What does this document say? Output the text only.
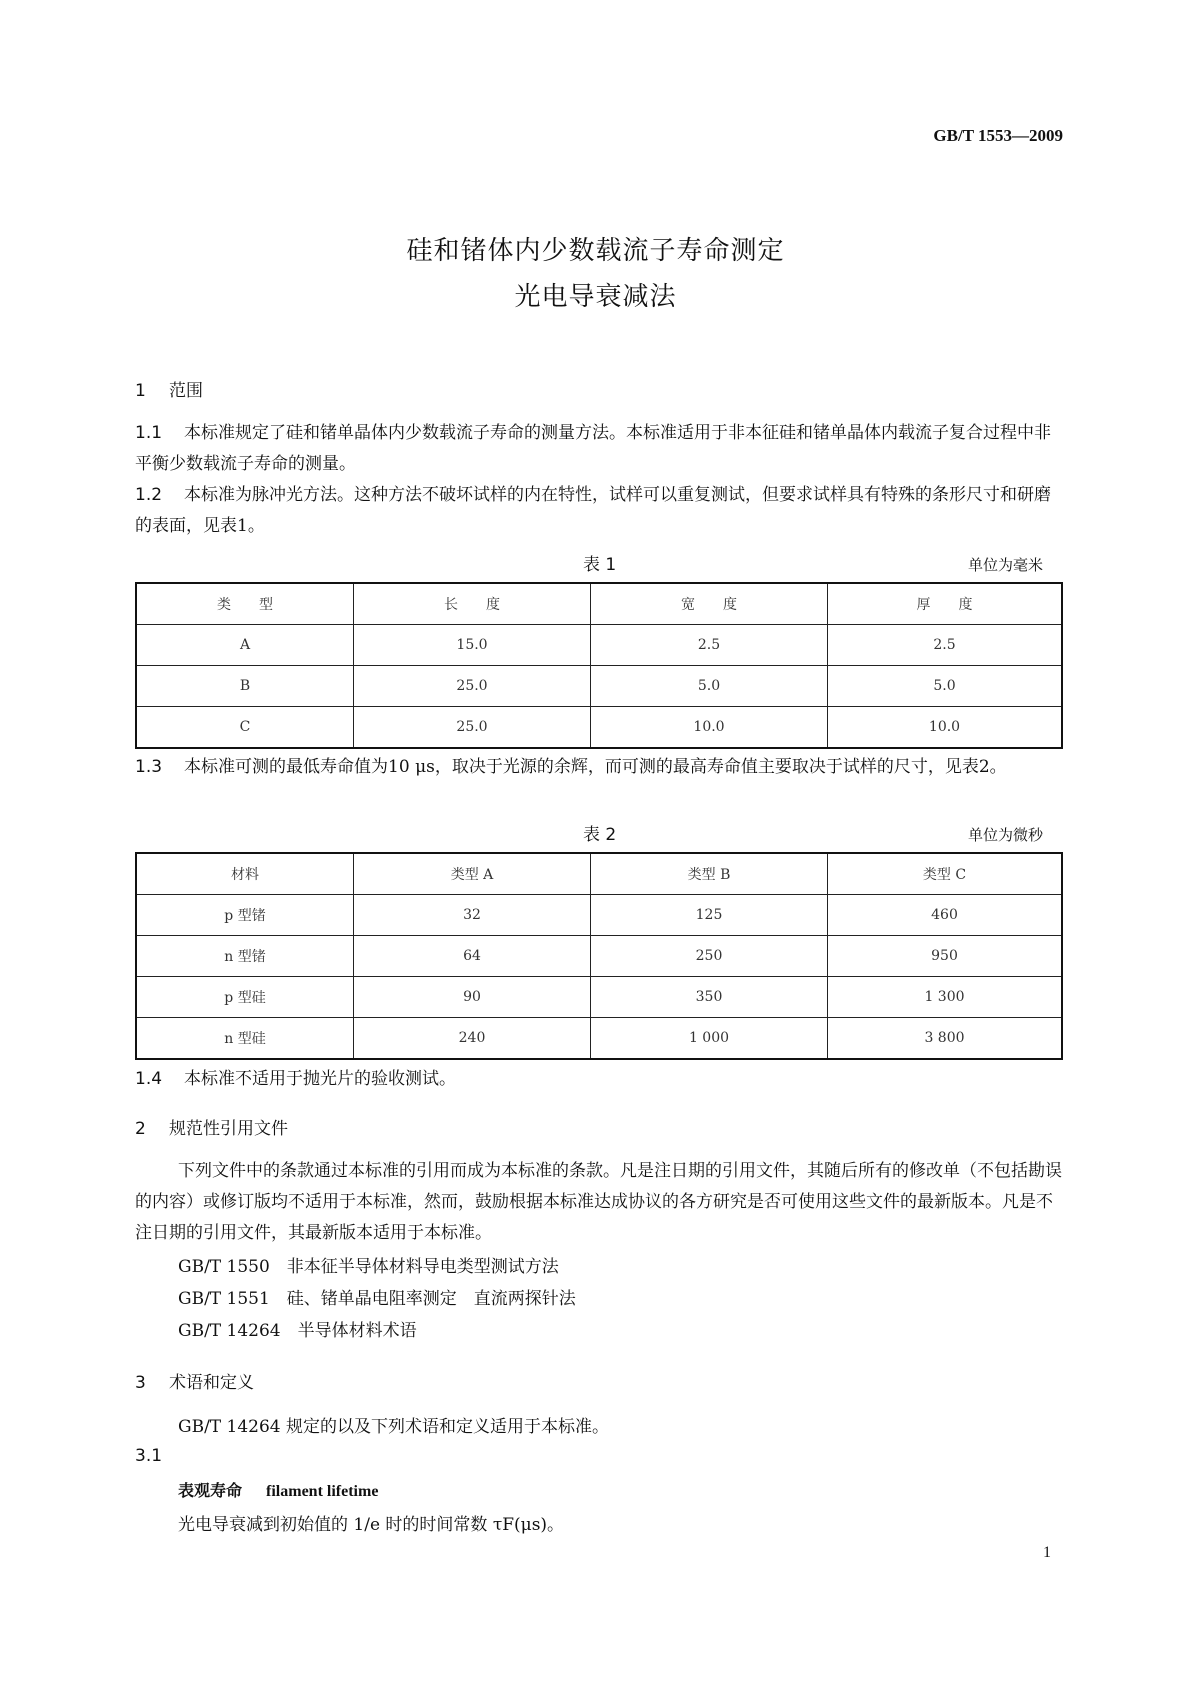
GB/T 1553—2009
硅和锗体内少数载流子寿命测定
光电导衰减法
1 范围
1.1 本标准规定了硅和锗单晶体内少数载流子寿命的测量方法。本标准适用于非本征硅和锗单晶体内载流子复合过程中非平衡少数载流子寿命的测量。
1.2 本标准为脉冲光方法。这种方法不破坏试样的内在特性，试样可以重复测试，但要求试样具有特殊的条形尺寸和研磨的表面，见表1。
表 1	单位为毫米
类　　型	长　　度	宽　　度	厚　　度
A	15.0	2.5	2.5
B	25.0	5.0	5.0
C	25.0	10.0	10.0
1.3 本标准可测的最低寿命值为10 μs，取决于光源的余辉，而可测的最高寿命值主要取决于试样的尺寸，见表2。
表 2	单位为微秒
材料	类型 A	类型 B	类型 C
p 型锗	32	125	460
n 型锗	64	250	950
p 型硅	90	350	1 300
n 型硅	240	1 000	3 800
1.4 本标准不适用于抛光片的验收测试。
2 规范性引用文件
下列文件中的条款通过本标准的引用而成为本标准的条款。凡是注日期的引用文件，其随后所有的修改单（不包括勘误的内容）或修订版均不适用于本标准，然而，鼓励根据本标准达成协议的各方研究是否可使用这些文件的最新版本。凡是不注日期的引用文件，其最新版本适用于本标准。
GB/T 1550　非本征半导体材料导电类型测试方法
GB/T 1551　硅、锗单晶电阻率测定　直流两探针法
GB/T 14264　半导体材料术语
3 术语和定义
GB/T 14264 规定的以及下列术语和定义适用于本标准。
3.1
表观寿命 filament lifetime
光电导衰减到初始值的 1/e 时的时间常数 τF(μs)。
1
